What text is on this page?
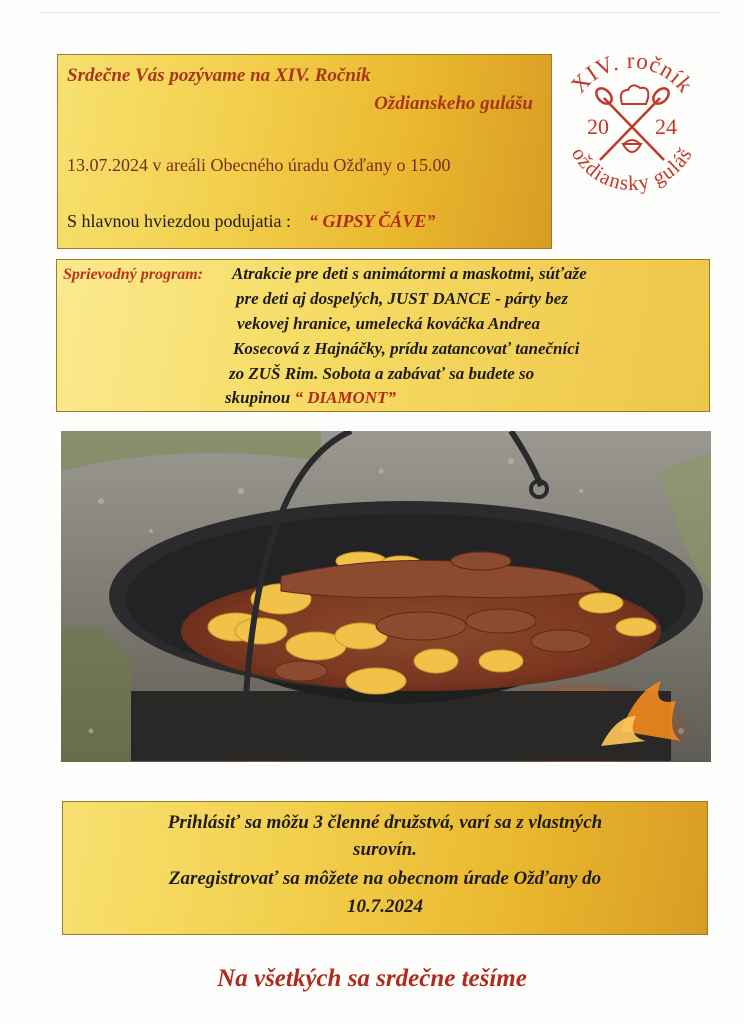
Srdečne Vás pozývame na XIV. Ročník
Oždianskeho gulášu
13.07.2024 v areáli Obecného úradu Ožďany o 15.00
S hlavnou hviezdou podujatia : “ GIPSY ČÁVE”
XIV. ročník
oždiansky guláš
20 24
Sprievodný program: Atrakcie pre deti s animátormi a maskotmi, súťaže
pre deti aj dospelých, JUST DANCE - párty bez
vekovej hranice, umelecká kováčka Andrea
Kosecová z Hajnáčky, prídu zatancovať tanečníci
zo ZUŠ Rim. Sobota a zabávať sa budete so
skupinou “ DIAMONT”
Prihlásiť sa môžu 3 členné družstvá, varí sa z vlastných
surovín.
Zaregistrovať sa môžete na obecnom úrade Ožďany do
10.7.2024
Na všetkých sa srdečne tešíme
